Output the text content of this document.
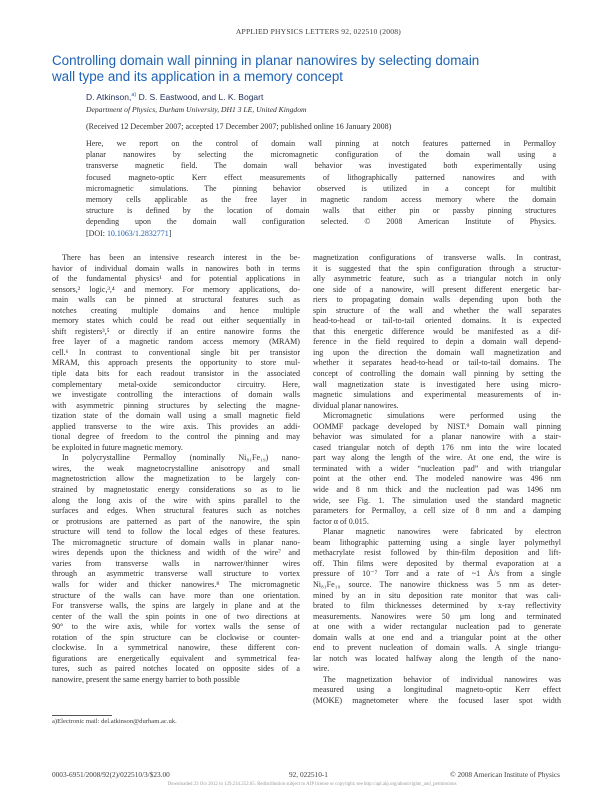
APPLIED PHYSICS LETTERS 92, 022510 (2008)
Controlling domain wall pinning in planar nanowires by selecting domain
wall type and its application in a memory concept
D. Atkinson,$^{a)}$ D. S. Eastwood, and L. K. Bogart
Department of Physics, Durham University, DH1 3 LE, United Kingdom
(Received 12 December 2007; accepted 17 December 2007; published online 16 January 2008)
Here, we report on the control of domain wall pinning at notch features patterned in Permalloy
planar nanowires by selecting the micromagnetic configuration of the domain wall using a
transverse magnetic field. The domain wall behavior was investigated both experimentally using
focused magneto-optic Kerr effect measurements of lithographically patterned nanowires and with
micromagnetic simulations. The pinning behavior observed is utilized in a concept for multibit
memory cells applicable as the free layer in magnetic random access memory where the domain
structure is defined by the location of domain walls that either pin or passby pinning structures
depending upon the domain wall configuration selected. © 2008 American Institute of Physics.
[DOI: 10.1063/1.2832771]
There has been an intensive research interest in the be-
havior of individual domain walls in nanowires both in terms
of the fundamental physics¹ and for potential applications in
sensors,² logic,³,⁴ and memory. For memory applications, do-
main walls can be pinned at structural features such as
notches creating multiple domains and hence multiple
memory states which could be read out either sequentially in
shift registers³,⁵ or directly if an entire nanowire forms the
free layer of a magnetic random access memory (MRAM)
cell.⁶ In contrast to conventional single bit per transistor
MRAM, this approach presents the opportunity to store mul-
tiple data bits for each readout transistor in the associated
complementary metal-oxide semiconductor circuitry. Here,
we investigate controlling the interactions of domain walls
with asymmetric pinning structures by selecting the magne-
tization state of the domain wall using a small magnetic field
applied transverse to the wire axis. This provides an addi-
tional degree of freedom to the control the pinning and may
be exploited in future magnetic memory.
In polycrystalline Permalloy (nominally Ni₈₁Fe₁₉) nano-
wires, the weak magnetocrystalline anisotropy and small
magnetostriction allow the magnetization to be largely con-
strained by magnetostatic energy considerations so as to lie
along the long axis of the wire with spins parallel to the
surfaces and edges. When structural features such as notches
or protrusions are patterned as part of the nanowire, the spin
structure will tend to follow the local edges of these features.
The micromagnetic structure of domain walls in planar nano-
wires depends upon the thickness and width of the wire⁷ and
varies from transverse walls in narrower/thinner wires
through an asymmetric transverse wall structure to vortex
walls for wider and thicker nanowires.⁸ The micromagnetic
structure of the walls can have more than one orientation.
For transverse walls, the spins are largely in plane and at the
center of the wall the spin points in one of two directions at
90° to the wire axis, while for vortex walls the sense of
rotation of the spin structure can be clockwise or counter-
clockwise. In a symmetrical nanowire, these different con-
figurations are energetically equivalent and symmetrical fea-
tures, such as paired notches located on opposite sides of a
nanowire, present the same energy barrier to both possible
magnetization configurations of transverse walls. In contrast,
it is suggested that the spin configuration through a structur-
ally asymmetric feature, such as a triangular notch in only
one side of a nanowire, will present different energetic bar-
riers to propagating domain walls depending upon both the
spin structure of the wall and whether the wall separates
head-to-head or tail-to-tail oriented domains. It is expected
that this energetic difference would be manifested as a dif-
ference in the field required to depin a domain wall depend-
ing upon the direction the domain wall magnetization and
whether it separates head-to-head or tail-to-tail domains. The
concept of controlling the domain wall pinning by setting the
wall magnetization state is investigated here using micro-
magnetic simulations and experimental measurements of in-
dividual planar nanowires.
Micromagnetic simulations were performed using the
OOMMF package developed by NIST.⁹ Domain wall pinning
behavior was simulated for a planar nanowire with a stair-
cased triangular notch of depth 176 nm into the wire located
part way along the length of the wire. At one end, the wire is
terminated with a wider “nucleation pad” and with triangular
point at the other end. The modeled nanowire was 496 nm
wide and 8 nm thick and the nucleation pad was 1496 nm
wide, see Fig. 1. The simulation used the standard magnetic
parameters for Permalloy, a cell size of 8 nm and a damping
factor α of 0.015.
Planar magnetic nanowires were fabricated by electron
beam lithographic patterning using a single layer polymethyl
methacrylate resist followed by thin-film deposition and lift-
off. Thin films were deposited by thermal evaporation at a
pressure of 10⁻⁷ Torr and a rate of ~1 Å/s from a single
Ni₈₁Fe₁₉ source. The nanowire thickness was 5 nm as deter-
mined by an in situ deposition rate monitor that was cali-
brated to film thicknesses determined by x-ray reflectivity
measurements. Nanowires were 50 μm long and terminated
at one with a wider rectangular nucleation pad to generate
domain walls at one end and a triangular point at the other
end to prevent nucleation of domain walls. A single triangu-
lar notch was located halfway along the length of the nano-
wire.
The magnetization behavior of individual nanowires was
measured using a longitudinal magneto-optic Kerr effect
(MOKE) magnetometer where the focused laser spot width
a)Electronic mail: del.atkinson@durham.ac.uk.
0003-6951/2008/92(2)/022510/3/$23.00	92, 022510-1	© 2008 American Institute of Physics
Downloaded 23 Oct 2012 to 129.234.252.65. Redistribution subject to AIP license or copyright; see http://apl.aip.org/about/rights_and_permissions
